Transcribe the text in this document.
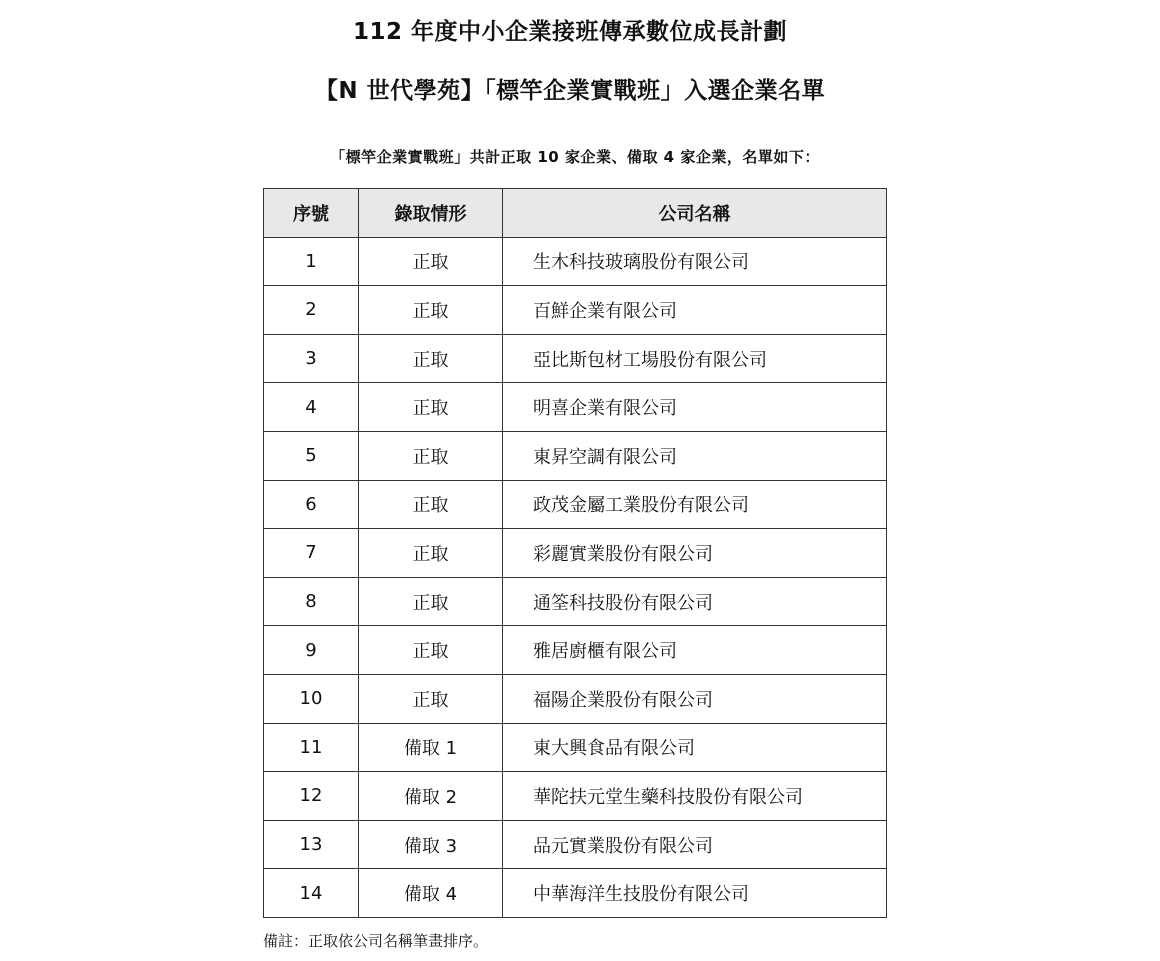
112 年度中小企業接班傳承數位成長計劃
【N 世代學苑】「標竿企業實戰班」入選企業名單
「標竿企業實戰班」共計正取 10 家企業、備取 4 家企業，名單如下：
序號	錄取情形	公司名稱
1	正取	生木科技玻璃股份有限公司
2	正取	百鮮企業有限公司
3	正取	亞比斯包材工場股份有限公司
4	正取	明喜企業有限公司
5	正取	東昇空調有限公司
6	正取	政茂金屬工業股份有限公司
7	正取	彩麗實業股份有限公司
8	正取	通筌科技股份有限公司
9	正取	雅居廚櫃有限公司
10	正取	福陽企業股份有限公司
11	備取 1	東大興食品有限公司
12	備取 2	華陀扶元堂生藥科技股份有限公司
13	備取 3	品元實業股份有限公司
14	備取 4	中華海洋生技股份有限公司
備註：正取依公司名稱筆畫排序。
